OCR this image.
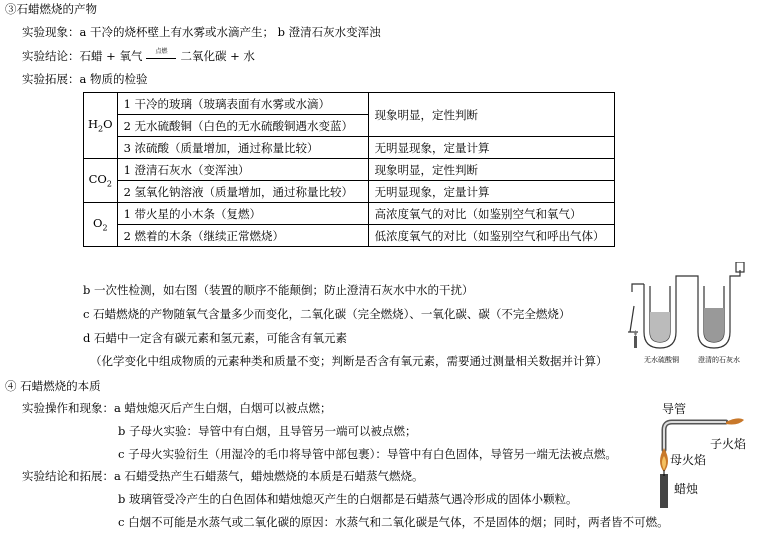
③石蜡燃烧的产物
实验现象：a 干冷的烧杯壁上有水雾或水滴产生； b 澄清石灰水变浑浊
实验结论：石蜡 + 氧气	点燃	二氧化碳 + 水
实验拓展：a 物质的检验
$H_2O$	1 干冷的玻璃（玻璃表面有水雾或水滴）	现象明显，定性判断
	2 无水硫酸铜（白色的无水硫酸铜遇水变蓝）	
	3 浓硫酸（质量增加，通过称量比较）	无明显现象，定量计算
$CO_2$	1 澄清石灰水（变浑浊）	现象明显，定性判断
	2 氢氧化钠溶液（质量增加，通过称量比较）	无明显现象，定量计算
$O_2$	1 带火星的小木条（复燃）	高浓度氧气的对比（如鉴别空气和氧气）
	2 燃着的木条（继续正常燃烧）	低浓度氧气的对比（如鉴别空气和呼出气体）
b 一次性检测，如右图（装置的顺序不能颠倒；防止澄清石灰水中水的干扰）
c 石蜡燃烧的产物随氧气含量多少而变化，二氧化碳（完全燃烧）、一氧化碳、碳（不完全燃烧）
d 石蜡中一定含有碳元素和氢元素，可能含有氧元素
（化学变化中组成物质的元素种类和质量不变；判断是否含有氧元素，需要通过测量相关数据并计算）	无水硫酸铜	澄清的石灰水
④ 石蜡燃烧的本质
实验操作和现象：a 蜡烛熄灭后产生白烟，白烟可以被点燃；
b 子母火实验：导管中有白烟，且导管另一端可以被点燃；
c 子母火实验衍生（用湿冷的毛巾将导管中部包裹）：导管中有白色固体，导管另一端无法被点燃。
实验结论和拓展：a 石蜡受热产生石蜡蒸气，蜡烛燃烧的本质是石蜡蒸气燃烧。
b 玻璃管受冷产生的白色固体和蜡烛熄灭产生的白烟都是石蜡蒸气遇冷形成的固体小颗粒。
c 白烟不可能是水蒸气或二氧化碳的原因：水蒸气和二氧化碳是气体，不是固体的烟；同时，两者皆不可燃。
导管
子火焰
母火焰
蜡烛
